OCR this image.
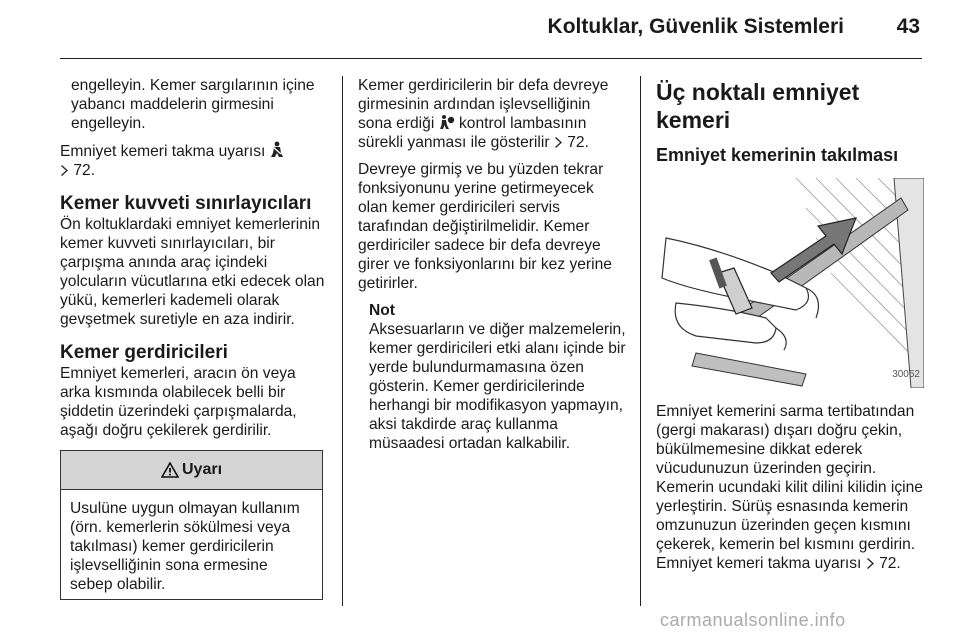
Koltuklar, Güvenlik Sistemleri	43

engelleyin. Kemer sargılarının içine yabancı maddelerin girmesini engelleyin.

Emniyet kemeri takma uyarısı
72.

Kemer kuvveti sınırlayıcıları

Ön koltuklardaki emniyet kemerlerinin kemer kuvveti sınırlayıcıları, bir çarpışma anında araç içindeki yolcuların vücutlarına etki edecek olan yükü, kemerleri kademeli olarak gevşetmek suretiyle en aza indirir.

Kemer gerdiricileri

Emniyet kemerleri, aracın ön veya arka kısmında olabilecek belli bir şiddetin üzerindeki çarpışmalarda, aşağı doğru çekilerek gerdirilir.

Uyarı
Usulüne uygun olmayan kullanım (örn. kemerlerin sökülmesi veya takılması) kemer gerdiricilerin işlevselliğinin sona ermesine sebep olabilir.

Kemer gerdiricilerin bir defa devreye girmesinin ardından işlevselliğinin sona erdiği kontrol lambasının sürekli yanması ile gösterilir 72.

Devreye girmiş ve bu yüzden tekrar fonksiyonunu yerine getirmeyecek olan kemer gerdiricileri servis tarafından değiştirilmelidir. Kemer gerdiriciler sadece bir defa devreye girer ve fonksiyonlarını bir kez yerine getirirler.

Not
Aksesuarların ve diğer malzemelerin, kemer gerdiricileri etki alanı içinde bir yerde bulundurmamasına özen gösterin. Kemer gerdiricilerinde herhangi bir modifikasyon yapmayın, aksi takdirde araç kullanma müsaadesi ortadan kalkabilir.
Üç noktalı emniyet kemeri
Emniyet kemerinin takılması
30052

Emniyet kemerini sarma tertibatından (gergi makarası) dışarı doğru çekin, bükülmemesine dikkat ederek vücudunuzun üzerinden geçirin. Kemerin ucundaki kilit dilini kilidin içine yerleştirin. Sürüş esnasında kemerin omzunuzun üzerinden geçen kısmını çekerek, kemerin bel kısmını gerdirin. Emniyet kemeri takma uyarısı 72.

carmanualsonline.info
